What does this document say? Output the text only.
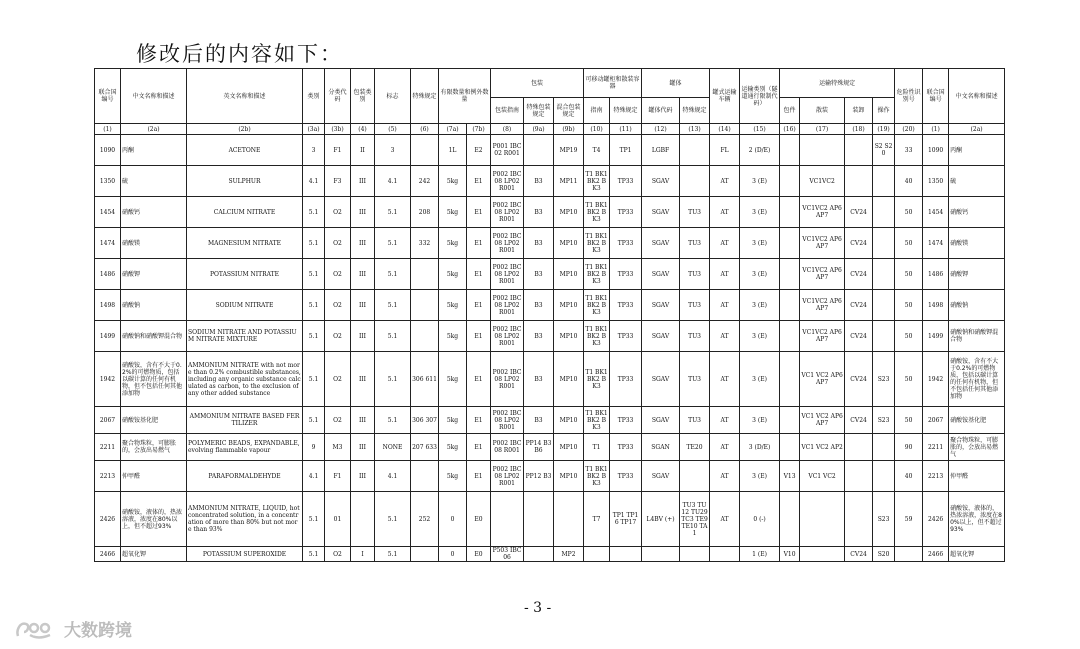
修改后的内容如下：
联合国编号	中文名称和描述	英文名称和描述	类别	分类代码	包装类别	标志	特殊规定	有限数量和例外数量		包装			可移动罐柜和散装容器		罐体		罐式运输车辆	运输类别（隧道通行限制代码）	运输特殊规定				危险性识别号	联合国编号	中文名称和描述
										包装指南	特殊包装规定	混合包装规定	指南	特殊规定	罐体代码	特殊规定			包件	散装	装卸	操作			
(1)	(2a)	(2b)	(3a)	(3b)	(4)	(5)	(6)	(7a)	(7b)	(8)	(9a)	(9b)	(10)	(11)	(12)	(13)	(14)	(15)	(16)	(17)	(18)	(19)	(20)	(1)	(2a)
1090	丙酮	ACETONE	3	F1	II	3		1L	E2	P001 IBC02 R001		MP19	T4	TP1	LGBF		FL	2 (D/E)				S2 S20	33	1090	丙酮
1350	硫	SULPHUR	4.1	F3	III	4.1	242	5kg	E1	P002 IBC08 LP02 R001	B3	MP11	T1 BK1 BK2 BK3	TP33	SGAV		AT	3 (E)		VC1VC2			40	1350	硫
1454	硝酸钙	CALCIUM NITRATE	5.1	O2	III	5.1	208	5kg	E1	P002 IBC08 LP02 R001	B3	MP10	T1 BK1 BK2 BK3	TP33	SGAV	TU3	AT	3 (E)		VC1VC2 AP6AP7	CV24		50	1454	硝酸钙
1474	硝酸镁	MAGNESIUM NITRATE	5.1	O2	III	5.1	332	5kg	E1	P002 IBC08 LP02 R001	B3	MP10	T1 BK1 BK2 BK3	TP33	SGAV	TU3	AT	3 (E)		VC1VC2 AP6AP7	CV24		50	1474	硝酸镁
1486	硝酸钾	POTASSIUM NITRATE	5.1	O2	III	5.1		5kg	E1	P002 IBC08 LP02 R001	B3	MP10	T1 BK1 BK2 BK3	TP33	SGAV	TU3	AT	3 (E)		VC1VC2 AP6AP7	CV24		50	1486	硝酸钾
1498	硝酸钠	SODIUM NITRATE	5.1	O2	III	5.1		5kg	E1	P002 IBC08 LP02 R001	B3	MP10	T1 BK1 BK2 BK3	TP33	SGAV	TU3	AT	3 (E)		VC1VC2 AP6AP7	CV24		50	1498	硝酸钠
1499	硝酸钠和硝酸钾混合物	SODIUM NITRATE AND POTASSIUM NITRATE MIXTURE	5.1	O2	III	5.1		5kg	E1	P002 IBC08 LP02 R001	B3	MP10	T1 BK1 BK2 BK3	TP33	SGAV	TU3	AT	3 (E)		VC1VC2 AP6AP7	CV24		50	1499	硝酸钠和硝酸钾混合物
1942	硝酸铵，含有不大于0.2%的可燃物质，包括以碳计算的任何有机物，但不包括任何其他添加物	AMMONIUM NITRATE with not more than 0.2% combustible substances, including any organic substance calculated as carbon, to the exclusion of any other added substance	5.1	O2	III	5.1	306 611	5kg	E1	P002 IBC08 LP02 R001	B3	MP10	T1 BK1 BK2 BK3	TP33	SGAV	TU3	AT	3 (E)		VC1 VC2 AP6 AP7	CV24	S23	50	1942	硝酸铵，含有不大于0.2%的可燃物质，包括以碳计算的任何有机物，但不包括任何其他添加物
2067	硝酸铵基化肥	AMMONIUM NITRATE BASED FERTILIZER	5.1	O2	III	5.1	306 307	5kg	E1	P002 IBC08 LP02 R001	B3	MP10	T1 BK1 BK2 BK3	TP33	SGAV	TU3	AT	3 (E)		VC1 VC2 AP6 AP7	CV24	S23	50	2067	硝酸铵基化肥
2211	聚合物珠粒，可膨胀的，会放出易燃气	POLYMERIC BEADS, EXPANDABLE, evolving flammable vapour	9	M3	III	NONE	207 633	5kg	E1	P002 IBC08 R001	PP14 B3 B6	MP10	T1	TP33	SGAN	TE20	AT	3 (D/E)		VC1 VC2 AP2			90	2211	聚合物珠粒，可膨胀的，会放出易燃气
2213	仲甲醛	PARAFORMALDEHYDE	4.1	F1	III	4.1		5kg	E1	P002 IBC08 LP02 R001	PP12 B3	MP10	T1 BK1 BK2 BK3	TP33	SGAV		AT	3 (E)	V13	VC1 VC2			40	2213	仲甲醛
2426	硝酸铵，液体的，热浓溶液，浓度在80%以上，但不超过93%	AMMONIUM NITRATE, LIQUID, hot concentrated solution, in a concentration of more than 80% but not more than 93%	5.1	01		5.1	252	0	E0				T7	TP1 TP16 TP17	L4BV (+)	TU3 TU12 TU29 TC3 TE9 TE10 TA1	AT	0 (-)				S23	59	2426	硝酸铵，液体的，热浓溶液，浓度在80%以上，但不超过93%
2466	超氧化钾	POTASSIUM SUPEROXIDE	5.1	O2	I	5.1		0	E0	P503 IBC06		MP2						1 (E)	V10		CV24	S20		2466	超氧化钾
- 3 -
大数跨境
